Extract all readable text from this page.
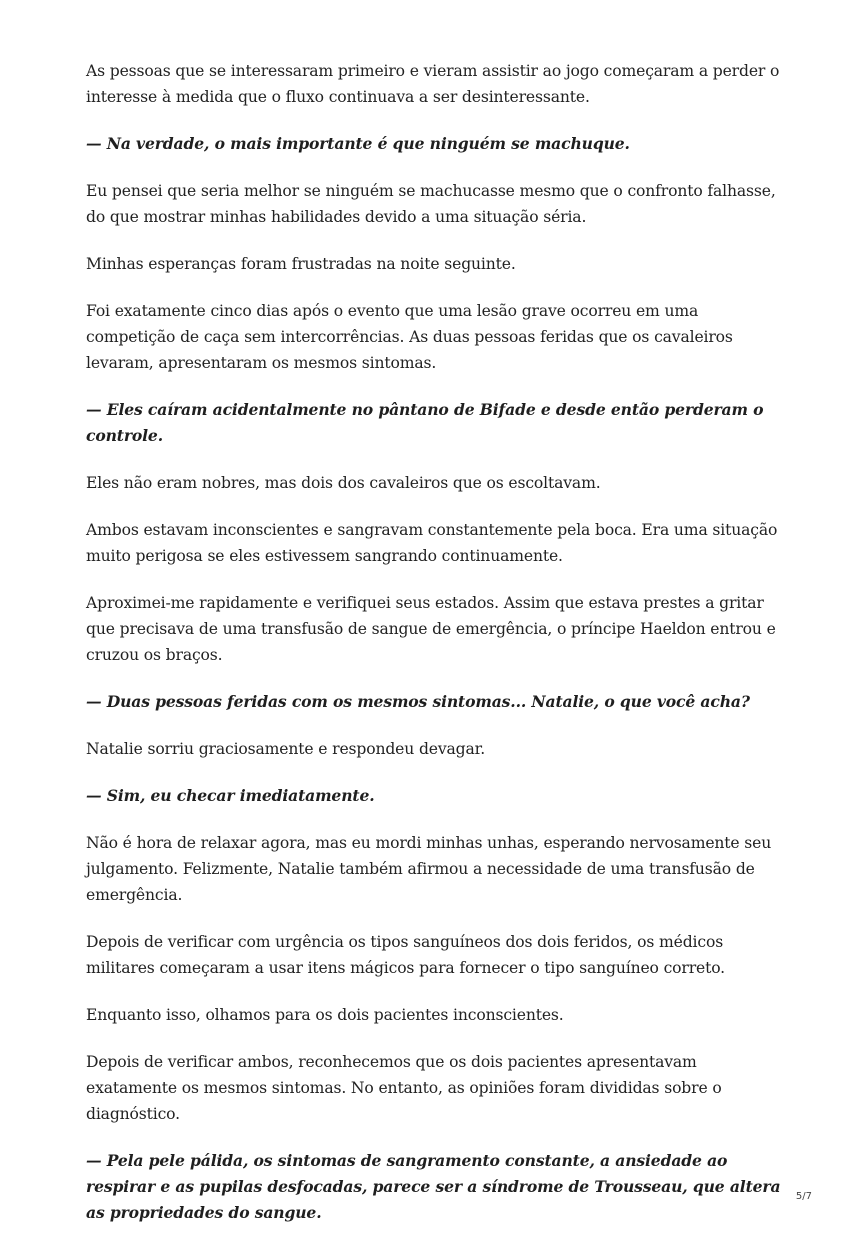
As pessoas que se interessaram primeiro e vieram assistir ao jogo começaram a perder o interesse à medida que o fluxo continuava a ser desinteressante.

— Na verdade, o mais importante é que ninguém se machuque.

Eu pensei que seria melhor se ninguém se machucasse mesmo que o confronto falhasse, do que mostrar minhas habilidades devido a uma situação séria.

Minhas esperanças foram frustradas na noite seguinte.

Foi exatamente cinco dias após o evento que uma lesão grave ocorreu em uma competição de caça sem intercorrências. As duas pessoas feridas que os cavaleiros levaram, apresentaram os mesmos sintomas.

— Eles caíram acidentalmente no pântano de Bifade e desde então perderam o controle.

Eles não eram nobres, mas dois dos cavaleiros que os escoltavam.

Ambos estavam inconscientes e sangravam constantemente pela boca. Era uma situação muito perigosa se eles estivessem sangrando continuamente.

Aproximei-me rapidamente e verifiquei seus estados. Assim que estava prestes a gritar que precisava de uma transfusão de sangue de emergência, o príncipe Haeldon entrou e cruzou os braços.

— Duas pessoas feridas com os mesmos sintomas... Natalie, o que você acha?

Natalie sorriu graciosamente e respondeu devagar.

— Sim, eu checar imediatamente.

Não é hora de relaxar agora, mas eu mordi minhas unhas, esperando nervosamente seu julgamento. Felizmente, Natalie também afirmou a necessidade de uma transfusão de emergência.

Depois de verificar com urgência os tipos sanguíneos dos dois feridos, os médicos militares começaram a usar itens mágicos para fornecer o tipo sanguíneo correto.

Enquanto isso, olhamos para os dois pacientes inconscientes.

Depois de verificar ambos, reconhecemos que os dois pacientes apresentavam exatamente os mesmos sintomas. No entanto, as opiniões foram divididas sobre o diagnóstico.

— Pela pele pálida, os sintomas de sangramento constante, a ansiedade ao respirar e as pupilas desfocadas, parece ser a síndrome de Trousseau, que altera as propriedades do sangue.

5/7
